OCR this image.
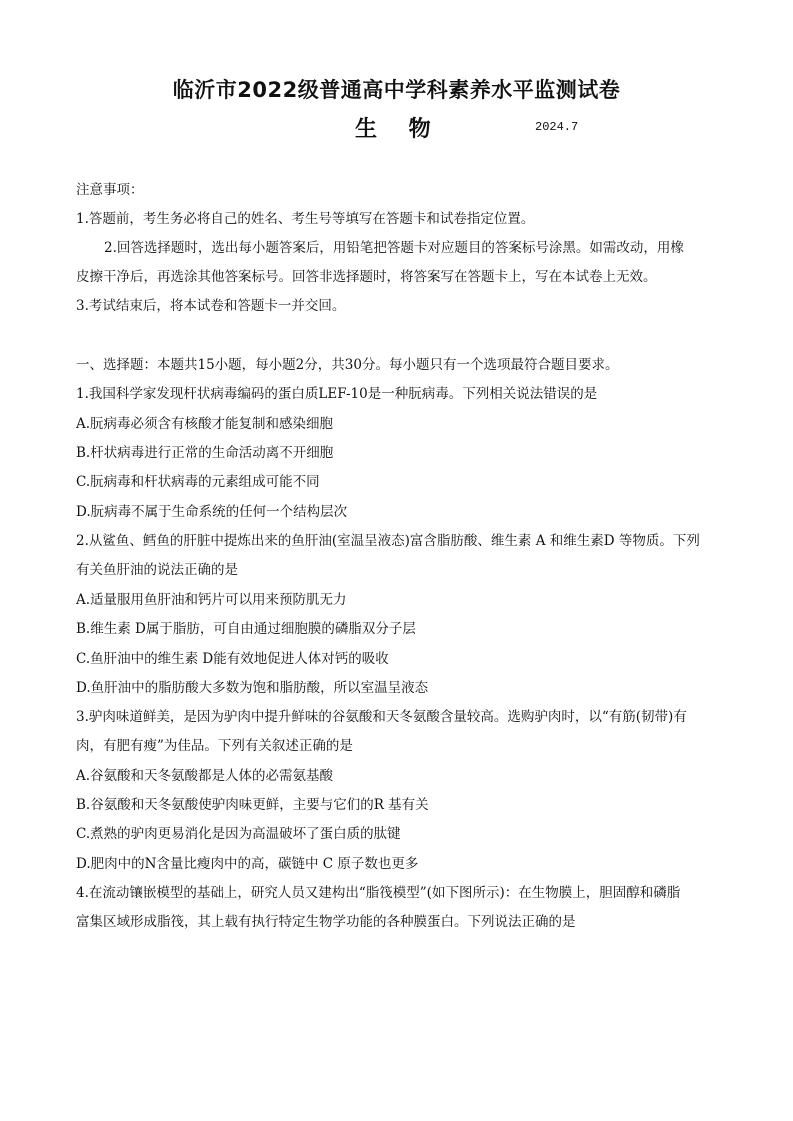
临沂市2022级普通高中学科素养水平监测试卷
生 物	2024.7
注意事项：
1.答题前，考生务必将自己的姓名、考生号等填写在答题卡和试卷指定位置。
2.回答选择题时，选出每小题答案后，用铅笔把答题卡对应题目的答案标号涂黑。如需改动，用橡
皮擦干净后，再选涂其他答案标号。回答非选择题时，将答案写在答题卡上，写在本试卷上无效。
3.考试结束后，将本试卷和答题卡一并交回。
一、选择题：本题共15小题，每小题2分，共30分。每小题只有一个选项最符合题目要求。
1.我国科学家发现杆状病毒编码的蛋白质LEF-10是一种朊病毒。下列相关说法错误的是
A.朊病毒必须含有核酸才能复制和感染细胞
B.杆状病毒进行正常的生命活动离不开细胞
C.朊病毒和杆状病毒的元素组成可能不同
D.朊病毒不属于生命系统的任何一个结构层次
2.从鲨鱼、鳕鱼的肝脏中提炼出来的鱼肝油(室温呈液态)富含脂肪酸、维生素 A 和维生素D 等物质。下列
有关鱼肝油的说法正确的是
A.适量服用鱼肝油和钙片可以用来预防肌无力
B.维生素 D属于脂肪，可自由通过细胞膜的磷脂双分子层
C.鱼肝油中的维生素 D能有效地促进人体对钙的吸收
D.鱼肝油中的脂肪酸大多数为饱和脂肪酸，所以室温呈液态
3.驴肉味道鲜美，是因为驴肉中提升鲜味的谷氨酸和天冬氨酸含量较高。选购驴肉时，以“有筋(韧带)有
肉，有肥有瘦”为佳品。下列有关叙述正确的是
A.谷氨酸和天冬氨酸都是人体的必需氨基酸
B.谷氨酸和天冬氨酸使驴肉味更鲜，主要与它们的R 基有关
C.煮熟的驴肉更易消化是因为高温破坏了蛋白质的肽键
D.肥肉中的N含量比瘦肉中的高，碳链中 C 原子数也更多
4.在流动镶嵌模型的基础上，研究人员又建构出“脂筏模型”(如下图所示)：在生物膜上，胆固醇和磷脂
富集区域形成脂筏，其上载有执行特定生物学功能的各种膜蛋白。下列说法正确的是
